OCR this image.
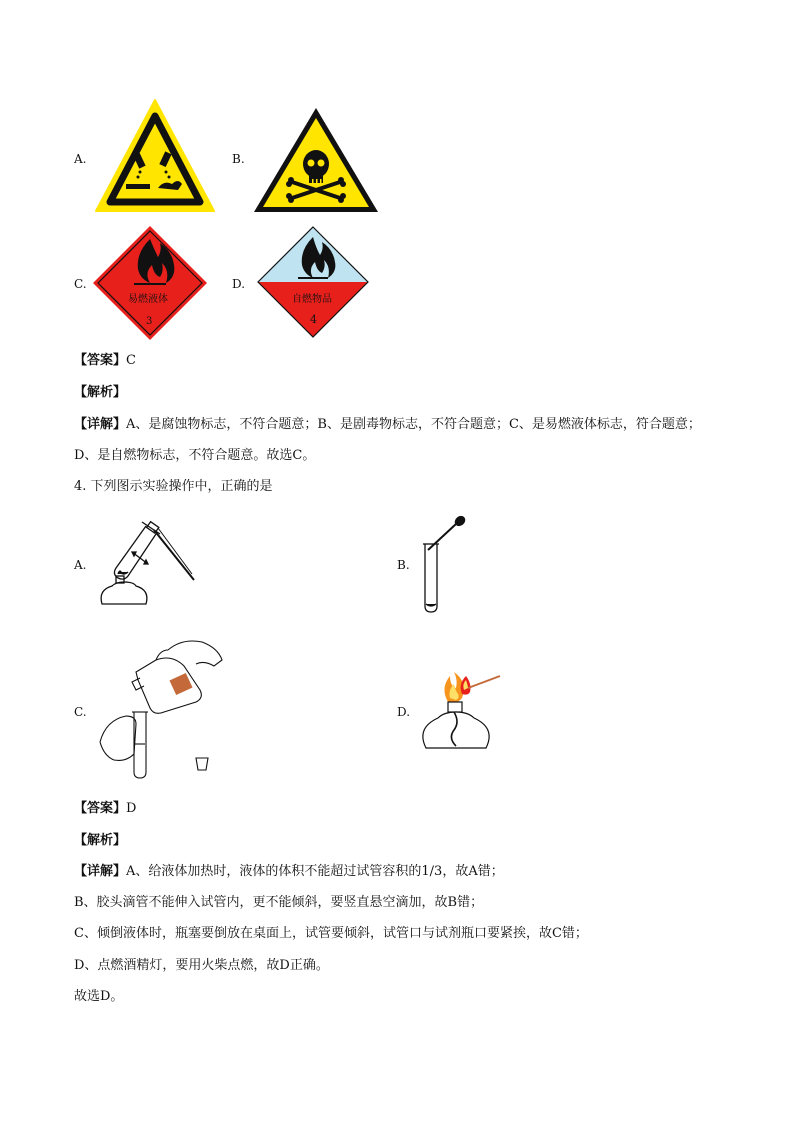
A.	B.
C.
易燃液体
3
D.
自燃物品
4
【答案】C
【解析】
【详解】A、是腐蚀物标志，不符合题意；B、是剧毒物标志，不符合题意；C、是易燃液体标志，符合题意；
D、是自燃物标志，不符合题意。故选C。
4. 下列图示实验操作中，正确的是
A.	B.
C.	D.
【答案】D
【解析】
【详解】A、给液体加热时，液体的体积不能超过试管容积的1/3，故A错；
B、胶头滴管不能伸入试管内，更不能倾斜，要竖直悬空滴加，故B错；
C、倾倒液体时，瓶塞要倒放在桌面上，试管要倾斜，试管口与试剂瓶口要紧挨，故C错；
D、点燃酒精灯，要用火柴点燃，故D正确。
故选D。
